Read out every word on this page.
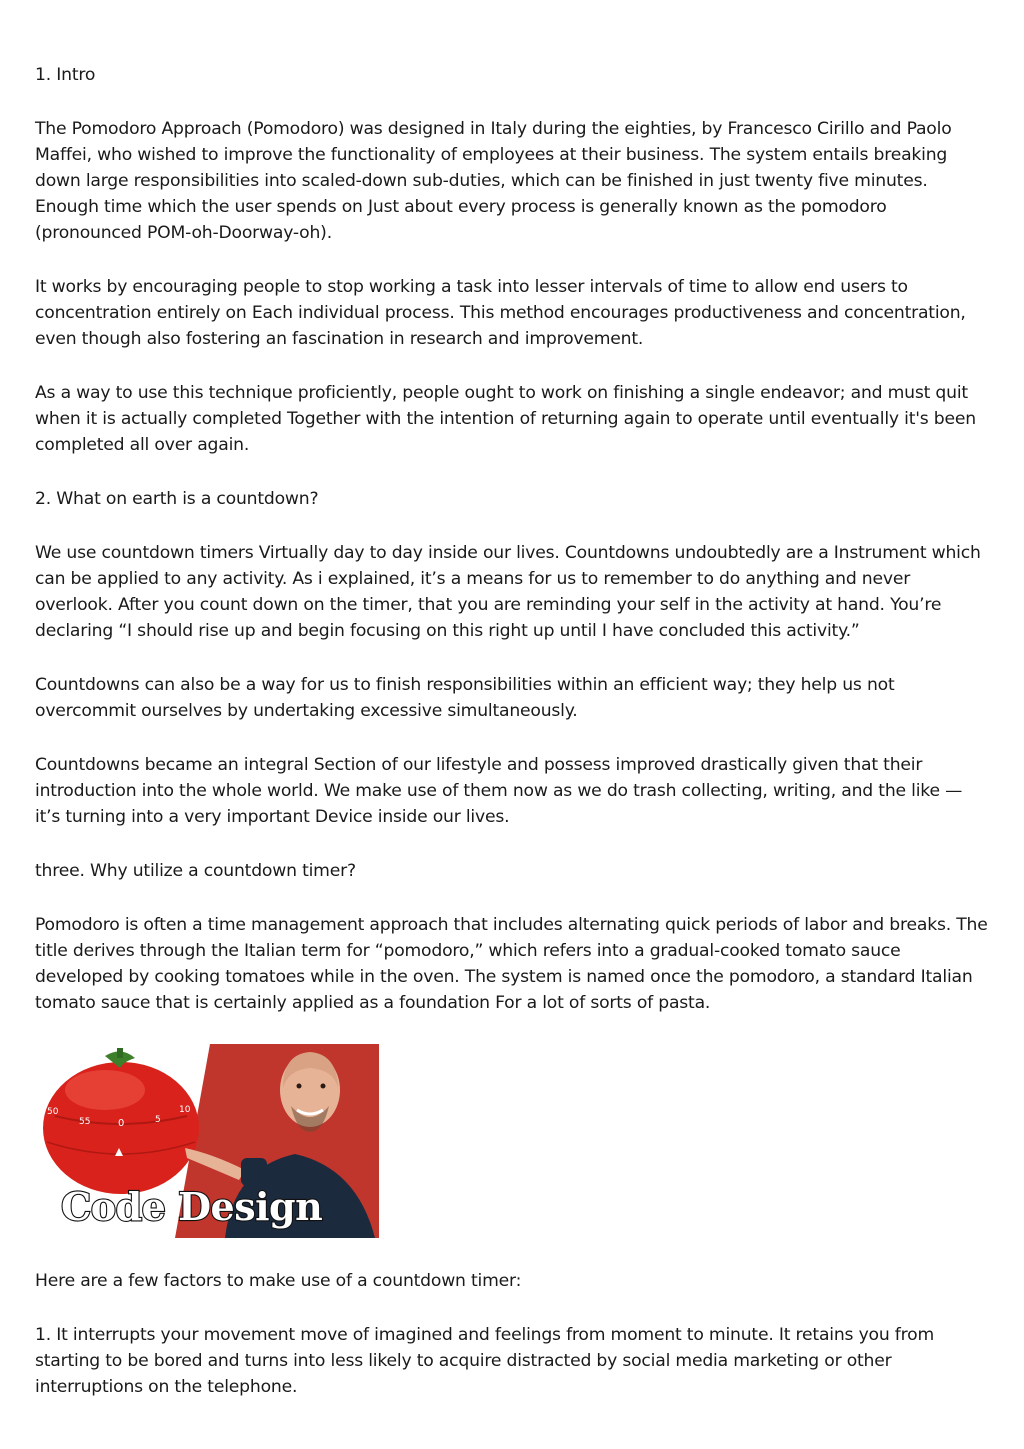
1. Intro

The Pomodoro Approach (Pomodoro) was designed in Italy during the eighties, by Francesco Cirillo and Paolo Maffei, who wished to improve the functionality of employees at their business. The system entails breaking down large responsibilities into scaled-down sub-duties, which can be finished in just twenty five minutes. Enough time which the user spends on Just about every process is generally known as the pomodoro (pronounced POM-oh-Doorway-oh).

It works by encouraging people to stop working a task into lesser intervals of time to allow end users to concentration entirely on Each individual process. This method encourages productiveness and concentration, even though also fostering an fascination in research and improvement.

As a way to use this technique proficiently, people ought to work on finishing a single endeavor; and must quit when it is actually completed Together with the intention of returning again to operate until eventually it's been completed all over again.

2. What on earth is a countdown?

We use countdown timers Virtually day to day inside our lives. Countdowns undoubtedly are a Instrument which can be applied to any activity. As i explained, it’s a means for us to remember to do anything and never overlook. After you count down on the timer, that you are reminding your self in the activity at hand. You’re declaring “I should rise up and begin focusing on this right up until I have concluded this activity.”

Countdowns can also be a way for us to finish responsibilities within an efficient way; they help us not overcommit ourselves by undertaking excessive simultaneously.

Countdowns became an integral Section of our lifestyle and possess improved drastically given that their introduction into the whole world. We make use of them now as we do trash collecting, writing, and the like — it’s turning into a very important Device inside our lives.

three. Why utilize a countdown timer?

Pomodoro is often a time management approach that includes alternating quick periods of labor and breaks. The title derives through the Italian term for “pomodoro,” which refers into a gradual-cooked tomato sauce developed by cooking tomatoes while in the oven. The system is named once the pomodoro, a standard Italian tomato sauce that is certainly applied as a foundation For a lot of sorts of pasta.

50
55	0	5
10
Code Design

Here are a few factors to make use of a countdown timer:

1. It interrupts your movement move of imagined and feelings from moment to minute. It retains you from starting to be bored and turns into less likely to acquire distracted by social media marketing or other interruptions on the telephone.
